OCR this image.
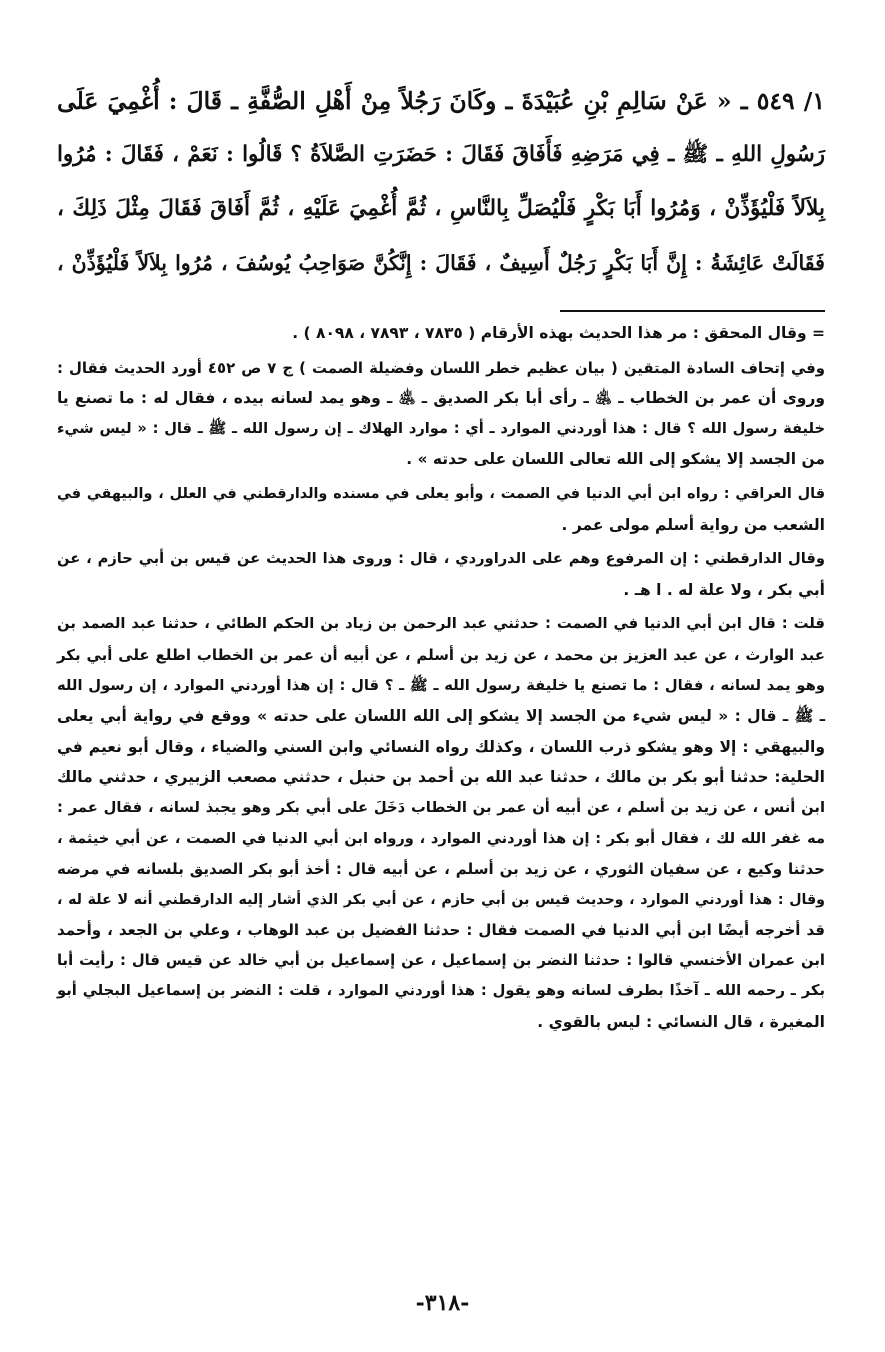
١/ ٥٤٩ ـ « عَنْ سَالِمِ بْنِ عُبَيْدَةَ ـ وكَانَ رَجُلاً مِنْ أَهْلِ الصُّفَّةِ ـ قَالَ : أُغْمِيَ عَلَى
رَسُولِ اللهِ ـ ﷺ ـ فِي مَرَضِهِ فَأَفَاقَ فَقَالَ : حَضَرَتِ الصَّلاَةُ ؟ قَالُوا : نَعَمْ ، فَقَالَ : مُرُوا
بِلاَلاً فَلْيُؤَذِّنْ ، وَمُرُوا أَبَا بَكْرٍ فَلْيُصَلِّ بِالنَّاسِ ، ثُمَّ أُغْمِيَ عَلَيْهِ ، ثُمَّ أَفَاقَ فَقَالَ مِثْلَ ذَلِكَ ،
فَقَالَتْ عَائِشَةُ : إِنَّ أَبَا بَكْرٍ رَجُلٌ أَسِيفٌ ، فَقَالَ : إِنَّكُنَّ صَوَاحِبُ يُوسُفَ ، مُرُوا بِلاَلاً فَلْيُؤَذِّنْ ،

= وقال المحقق : مر هذا الحديث بهذه الأرقام ( ٧٨٣٥ ، ٧٨٩٣ ، ٨٠٩٨ ) .

وفي إتحاف السادة المتقين ( بيان عظيم خطر اللسان وفضيلة الصمت ) ج ٧ ص ٤٥٢ أورد الحديث فقال :
وروى أن عمر بن الخطاب ـ ﵁ ـ رأى أبا بكر الصديق ـ ﵁ ـ وهو يمد لسانه بيده ، فقال له : ما تصنع يا
خليفة رسول الله ؟ قال : هذا أوردني الموارد ـ أي : موارد الهلاك ـ إن رسول الله ـ ﷺ ـ قال : « ليس شيء
من الجسد إلا يشكو إلى الله تعالى اللسان على حدته » .

قال العراقي : رواه ابن أبي الدنيا في الصمت ، وأبو يعلى في مسنده والدارقطني في العلل ، والبيهقي في
الشعب من رواية أسلم مولى عمر .

وقال الدارقطني : إن المرفوع وهم على الدراوردي ، قال : وروى هذا الحديث عن قيس بن أبي حازم ، عن
أبي بكر ، ولا علة له . ا هـ .

قلت : قال ابن أبي الدنيا في الصمت : حدثني عبد الرحمن بن زياد بن الحكم الطائي ، حدثنا عبد الصمد بن
عبد الوارث ، عن عبد العزيز بن محمد ، عن زيد بن أسلم ، عن أبيه أن عمر بن الخطاب اطلع على أبي بكر
وهو يمد لسانه ، فقال : ما تصنع يا خليفة رسول الله ـ ﷺ ـ ؟ قال : إن هذا أوردني الموارد ، إن رسول الله
ـ ﷺ ـ قال : « ليس شيء من الجسد إلا يشكو إلى الله اللسان على حدته » ووقع في رواية أبي يعلى
والبيهقي : إلا وهو يشكو ذرب اللسان ، وكذلك رواه النسائي وابن السني والضياء ، وقال أبو نعيم في
الحلية: حدثنا أبو بكر بن مالك ، حدثنا عبد الله بن أحمد بن حنبل ، حدثني مصعب الزبيري ، حدثني مالك
ابن أنس ، عن زيد بن أسلم ، عن أبيه أن عمر بن الخطاب دَخَلَ على أبي بكر وهو يجبذ لسانه ، فقال عمر :
مه غفر الله لك ، فقال أبو بكر : إن هذا أوردني الموارد ، ورواه ابن أبي الدنيا في الصمت ، عن أبي خيثمة ،
حدثنا وكيع ، عن سفيان الثوري ، عن زيد بن أسلم ، عن أبيه قال : أخذ أبو بكر الصديق بلسانه في مرضه
وقال : هذا أوردني الموارد ، وحديث قيس بن أبي حازم ، عن أبي بكر الذي أشار إليه الدارقطني أنه لا علة له ،
قد أخرجه أيضًا ابن أبي الدنيا في الصمت فقال : حدثنا الفضيل بن عبد الوهاب ، وعلي بن الجعد ، وأحمد
ابن عمران الأخنسي قالوا : حدثنا النضر بن إسماعيل ، عن إسماعيل بن أبي خالد عن قيس قال : رأيت أبا
بكر ـ رحمه الله ـ آخذًا بطرف لسانه وهو يقول : هذا أوردني الموارد ، قلت : النضر بن إسماعيل البجلي أبو
المغيرة ، قال النسائي : ليس بالقوي .

-٣١٨-
